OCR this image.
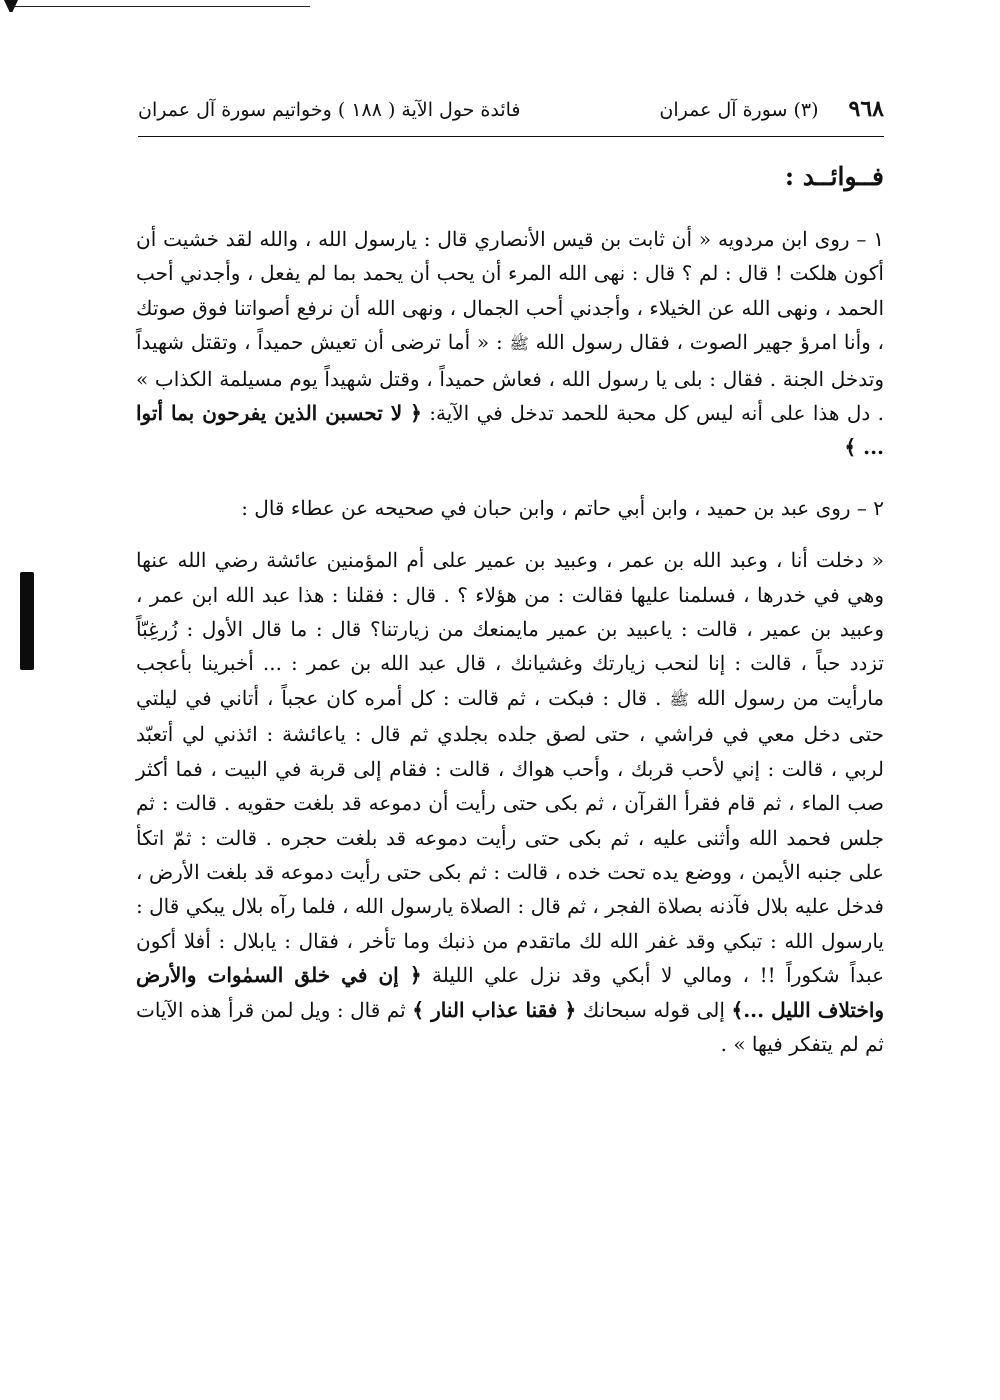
٩٦٨
(٣) سورة آل عمران
فائدة حول الآية ( ١٨٨ ) وخواتيم سورة آل عمران
فــوائــد :

١ – روى ابن مردويه « أن ثابت بن قيس الأنصاري قال : يارسول الله ، والله لقد خشيت أن أكون هلكت ! قال : لم ؟ قال : نهى الله المرء أن يحب أن يحمد بما لم يفعل ، وأجدني أحب الحمد ، ونهى الله عن الخيلاء ، وأجدني أحب الجمال ، ونهى الله أن نرفع أصواتنا فوق صوتك ، وأنا امرؤ جهير الصوت ، فقال رسول الله ﷺ : « أما ترضى أن تعيش حميداً ، وتقتل شهيداً وتدخل الجنة . فقال : بلى يا رسول الله ، فعاش حميداً ، وقتل شهيداً يوم مسيلمة الكذاب » . دل هذا على أنه ليس كل محبة للحمد تدخل في الآية: ﴿ لا تحسبن الذين يفرحون بما أتوا ... ﴾

٢ – روى عبد بن حميد ، وابن أبي حاتم ، وابن حبان في صحيحه عن عطاء قال :

« دخلت أنا ، وعبد الله بن عمر ، وعبيد بن عمير على أم المؤمنين عائشة رضي الله عنها وهي في خدرها ، فسلمنا عليها فقالت : من هؤلاء ؟ . قال : فقلنا : هذا عبد الله ابن عمر ، وعبيد بن عمير ، قالت : ياعبيد بن عمير مايمنعك من زيارتنا؟ قال : ما قال الأول : زُرغِبّاً تزدد حباً ، قالت : إنا لنحب زيارتك وغشيانك ، قال عبد الله بن عمر : ... أخبرينا بأعجب مارأيت من رسول الله ﷺ . قال : فبكت ، ثم قالت : كل أمره كان عجباً ، أتاني في ليلتي حتى دخل معي في فراشي ، حتى لصق جلده بجلدي ثم قال : ياعائشة : ائذني لي أتعبّد لربي ، قالت : إني لأحب قربك ، وأحب هواك ، قالت : فقام إلى قربة في البيت ، فما أكثر صب الماء ، ثم قام فقرأ القرآن ، ثم بكى حتى رأيت أن دموعه قد بلغت حقويه . قالت : ثم جلس فحمد الله وأثنى عليه ، ثم بكى حتى رأيت دموعه قد بلغت حجره . قالت : ثمّ اتكأ على جنبه الأيمن ، ووضع يده تحت خده ، قالت : ثم بكى حتى رأيت دموعه قد بلغت الأرض ، فدخل عليه بلال فآذنه بصلاة الفجر ، ثم قال : الصلاة يارسول الله ، فلما رآه بلال يبكي قال : يارسول الله : تبكي وقد غفر الله لك ماتقدم من ذنبك وما تأخر ، فقال : يابلال : أفلا أكون عبداً شكوراً !! ، ومالي لا أبكي وقد نزل علي الليلة ﴿ إن في خلق السمٰوات والأرض واختلاف الليل ...﴾ إلى قوله سبحانك ﴿ فقنا عذاب النار ﴾ ثم قال : ويل لمن قرأ هذه الآيات ثم لم يتفكر فيها » .
